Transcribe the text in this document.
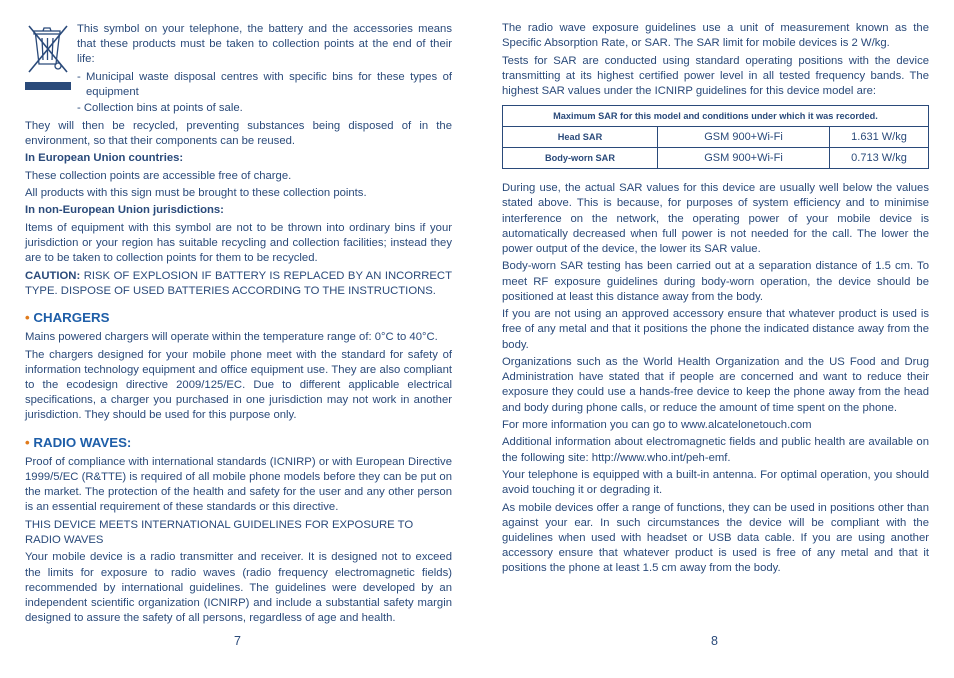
This symbol on your telephone, the battery and the accessories means that these products must be taken to collection points at the end of their life:

- Municipal waste disposal centres with specific bins for these types of equipment

- Collection bins at points of sale.

They will then be recycled, preventing substances being disposed of in the environment, so that their components can be reused.

In European Union countries:

These collection points are accessible free of charge.

All products with this sign must be brought to these collection points.

In non-European Union jurisdictions:

Items of equipment with this symbol are not to be thrown into ordinary bins if your jurisdiction or your region has suitable recycling and collection facilities; instead they are to be taken to collection points for them to be recycled.

CAUTION: RISK OF EXPLOSION IF BATTERY IS REPLACED BY AN INCORRECT TYPE. DISPOSE OF USED BATTERIES ACCORDING TO THE INSTRUCTIONS.

• CHARGERS

Mains powered chargers will operate within the temperature range of: 0°C to 40°C.

The chargers designed for your mobile phone meet with the standard for safety of information technology equipment and office equipment use. They are also compliant to the ecodesign directive 2009/125/EC. Due to different applicable electrical specifications, a charger you purchased in one jurisdiction may not work in another jurisdiction. They should be used for this purpose only.

• RADIO WAVES:

Proof of compliance with international standards (ICNIRP) or with European Directive 1999/5/EC (R&TTE) is required of all mobile phone models before they can be put on the market. The protection of the health and safety for the user and any other person is an essential requirement of these standards or this directive.

THIS DEVICE MEETS INTERNATIONAL GUIDELINES FOR EXPOSURE TO RADIO WAVES

Your mobile device is a radio transmitter and receiver. It is designed not to exceed the limits for exposure to radio waves (radio frequency electromagnetic fields) recommended by international guidelines. The guidelines were developed by an independent scientific organization (ICNIRP) and include a substantial safety margin designed to assure the safety of all persons, regardless of age and health.

The radio wave exposure guidelines use a unit of measurement known as the Specific Absorption Rate, or SAR. The SAR limit for mobile devices is 2 W/kg.

Tests for SAR are conducted using standard operating positions with the device transmitting at its highest certified power level in all tested frequency bands. The highest SAR values under the ICNIRP guidelines for this device model are:

Maximum SAR for this model and conditions under which it was recorded.		
Head SAR	GSM 900+Wi-Fi	1.631 W/kg
Body-worn SAR	GSM 900+Wi-Fi	0.713 W/kg

During use, the actual SAR values for this device are usually well below the values stated above. This is because, for purposes of system efficiency and to minimise interference on the network, the operating power of your mobile device is automatically decreased when full power is not needed for the call. The lower the power output of the device, the lower its SAR value.

Body-worn SAR testing has been carried out at a separation distance of 1.5 cm. To meet RF exposure guidelines during body-worn operation, the device should be positioned at least this distance away from the body.

If you are not using an approved accessory ensure that whatever product is used is free of any metal and that it positions the phone the indicated distance away from the body.

Organizations such as the World Health Organization and the US Food and Drug Administration have stated that if people are concerned and want to reduce their exposure they could use a hands-free device to keep the phone away from the head and body during phone calls, or reduce the amount of time spent on the phone.

For more information you can go to www.alcatelonetouch.com

Additional information about electromagnetic fields and public health are available on the following site: http://www.who.int/peh-emf.

Your telephone is equipped with a built-in antenna. For optimal operation, you should avoid touching it or degrading it.

As mobile devices offer a range of functions, they can be used in positions other than against your ear. In such circumstances the device will be compliant with the guidelines when used with headset or USB data cable. If you are using another accessory ensure that whatever product is used is free of any metal and that it positions the phone at least 1.5 cm away from the body.

7	8
